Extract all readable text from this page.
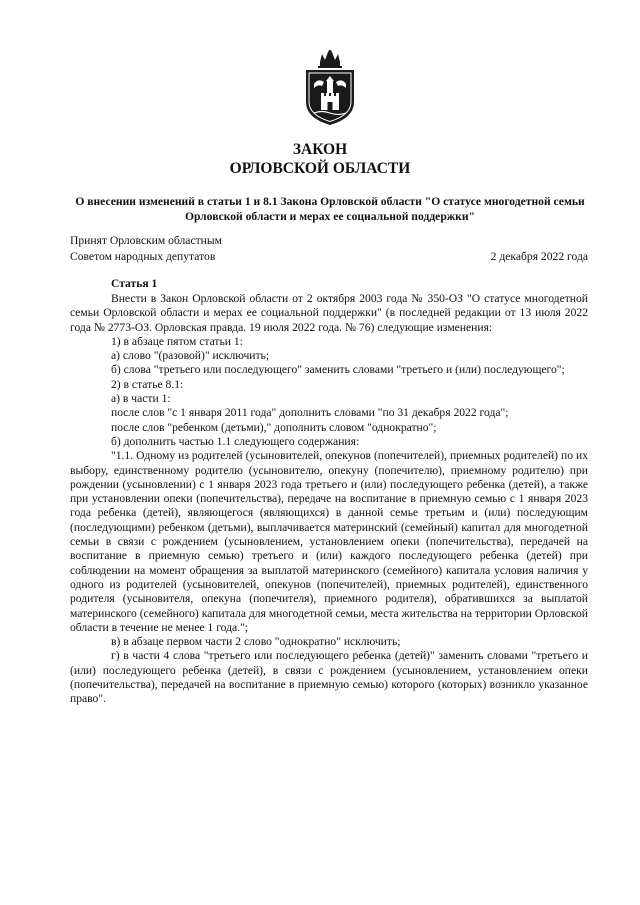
ЗАКОН
ОРЛОВСКОЙ ОБЛАСТИ

О внесении изменений в статьи 1 и 8.1 Закона Орловской области "О статусе многодетной семьи Орловской области и мерах ее социальной поддержки"

Принят Орловским областным
Советом народных депутатов	2 декабря 2022 года
Статья 1

Внести в Закон Орловской области от 2 октября 2003 года № 350-ОЗ "О статусе многодетной семьи Орловской области и мерах ее социальной поддержки" (в последней редакции от 13 июля 2022 года № 2773-ОЗ. Орловская правда. 19 июля 2022 года. № 76) следующие изменения:

1) в абзаце пятом статьи 1:

а) слово "(разовой)" исключить;

б) слова "третьего или последующего" заменить словами "третьего и (или) последующего";

2) в статье 8.1:

а) в части 1:

после слов "с 1 января 2011 года" дополнить словами "по 31 декабря 2022 года";

после слов "ребенком (детьми)," дополнить словом "однократно";

б) дополнить частью 1.1 следующего содержания:

"1.1. Одному из родителей (усыновителей, опекунов (попечителей), приемных родителей) по их выбору, единственному родителю (усыновителю, опекуну (попечителю), приемному родителю) при рождении (усыновлении) с 1 января 2023 года третьего и (или) последующего ребенка (детей), а также при установлении опеки (попечительства), передаче на воспитание в приемную семью с 1 января 2023 года ребенка (детей), являющегося (являющихся) в данной семье третьим и (или) последующим (последующими) ребенком (детьми), выплачивается материнский (семейный) капитал для многодетной семьи в связи с рождением (усыновлением, установлением опеки (попечительства), передачей на воспитание в приемную семью) третьего и (или) каждого последующего ребенка (детей) при соблюдении на момент обращения за выплатой материнского (семейного) капитала условия наличия у одного из родителей (усыновителей, опекунов (попечителей), приемных родителей), единственного родителя (усыновителя, опекуна (попечителя), приемного родителя), обратившихся за выплатой материнского (семейного) капитала для многодетной семьи, места жительства на территории Орловской области в течение не менее 1 года.";

в) в абзаце первом части 2 слово "однократно" исключить;

г) в части 4 слова "третьего или последующего ребенка (детей)" заменить словами "третьего и (или) последующего ребенка (детей), в связи с рождением (усыновлением, установлением опеки (попечительства), передачей на воспитание в приемную семью) которого (которых) возникло указанное право".
